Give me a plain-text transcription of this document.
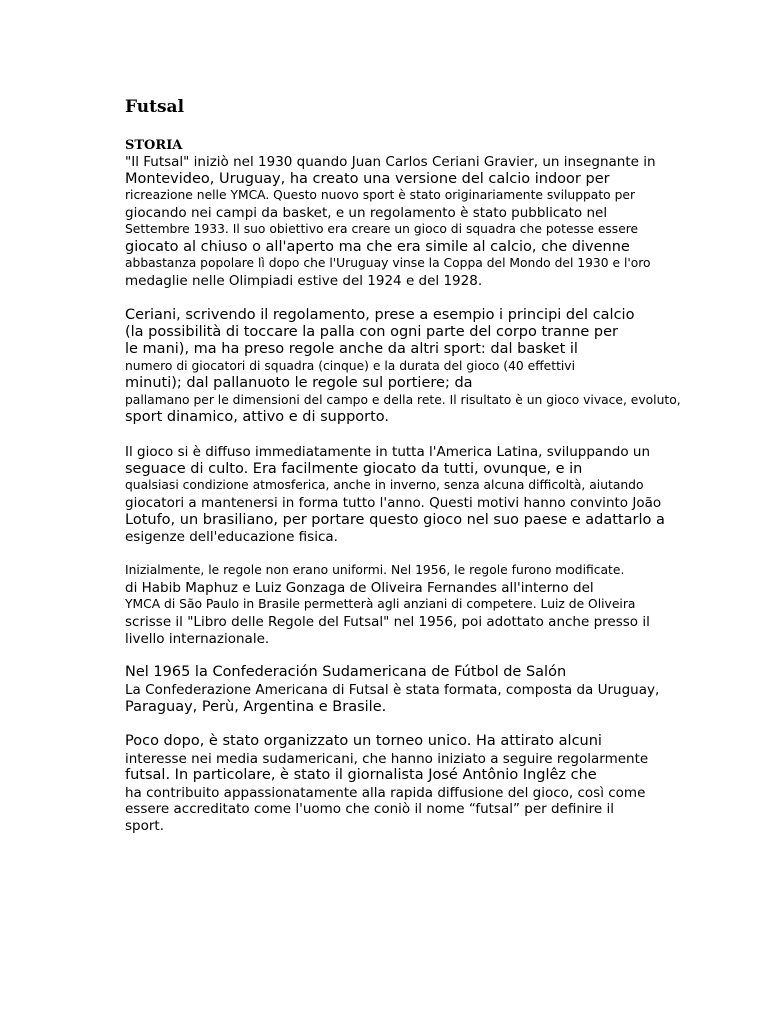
Futsal
STORIA
"Il Futsal" iniziò nel 1930 quando Juan Carlos Ceriani Gravier, un insegnante in
Montevideo, Uruguay, ha creato una versione del calcio indoor per
ricreazione nelle YMCA. Questo nuovo sport è stato originariamente sviluppato per
giocando nei campi da basket, e un regolamento è stato pubblicato nel
Settembre 1933. Il suo obiettivo era creare un gioco di squadra che potesse essere
giocato al chiuso o all'aperto ma che era simile al calcio, che divenne
abbastanza popolare lì dopo che l'Uruguay vinse la Coppa del Mondo del 1930 e l'oro
medaglie nelle Olimpiadi estive del 1924 e del 1928.
Ceriani, scrivendo il regolamento, prese a esempio i principi del calcio
(la possibilità di toccare la palla con ogni parte del corpo tranne per
le mani), ma ha preso regole anche da altri sport: dal basket il
numero di giocatori di squadra (cinque) e la durata del gioco (40 effettivi
minuti); dal pallanuoto le regole sul portiere; da
pallamano per le dimensioni del campo e della rete. Il risultato è un gioco vivace, evoluto,
sport dinamico, attivo e di supporto.
Il gioco si è diffuso immediatamente in tutta l'America Latina, sviluppando un
seguace di culto. Era facilmente giocato da tutti, ovunque, e in
qualsiasi condizione atmosferica, anche in inverno, senza alcuna difficoltà, aiutando
giocatori a mantenersi in forma tutto l'anno. Questi motivi hanno convinto João
Lotufo, un brasiliano, per portare questo gioco nel suo paese e adattarlo a
esigenze dell'educazione fisica.
Inizialmente, le regole non erano uniformi. Nel 1956, le regole furono modificate.
di Habib Maphuz e Luiz Gonzaga de Oliveira Fernandes all'interno del
YMCA di São Paulo in Brasile permetterà agli anziani di competere. Luiz de Oliveira
scrisse il "Libro delle Regole del Futsal" nel 1956, poi adottato anche presso il
livello internazionale.
Nel 1965 la Confederación Sudamericana de Fútbol de Salón
La Confederazione Americana di Futsal è stata formata, composta da Uruguay,
Paraguay, Perù, Argentina e Brasile.
Poco dopo, è stato organizzato un torneo unico. Ha attirato alcuni
interesse nei media sudamericani, che hanno iniziato a seguire regolarmente
futsal. In particolare, è stato il giornalista José Antônio Inglêz che
ha contribuito appassionatamente alla rapida diffusione del gioco, così come
essere accreditato come l'uomo che coniò il nome “futsal” per definire il
sport.
